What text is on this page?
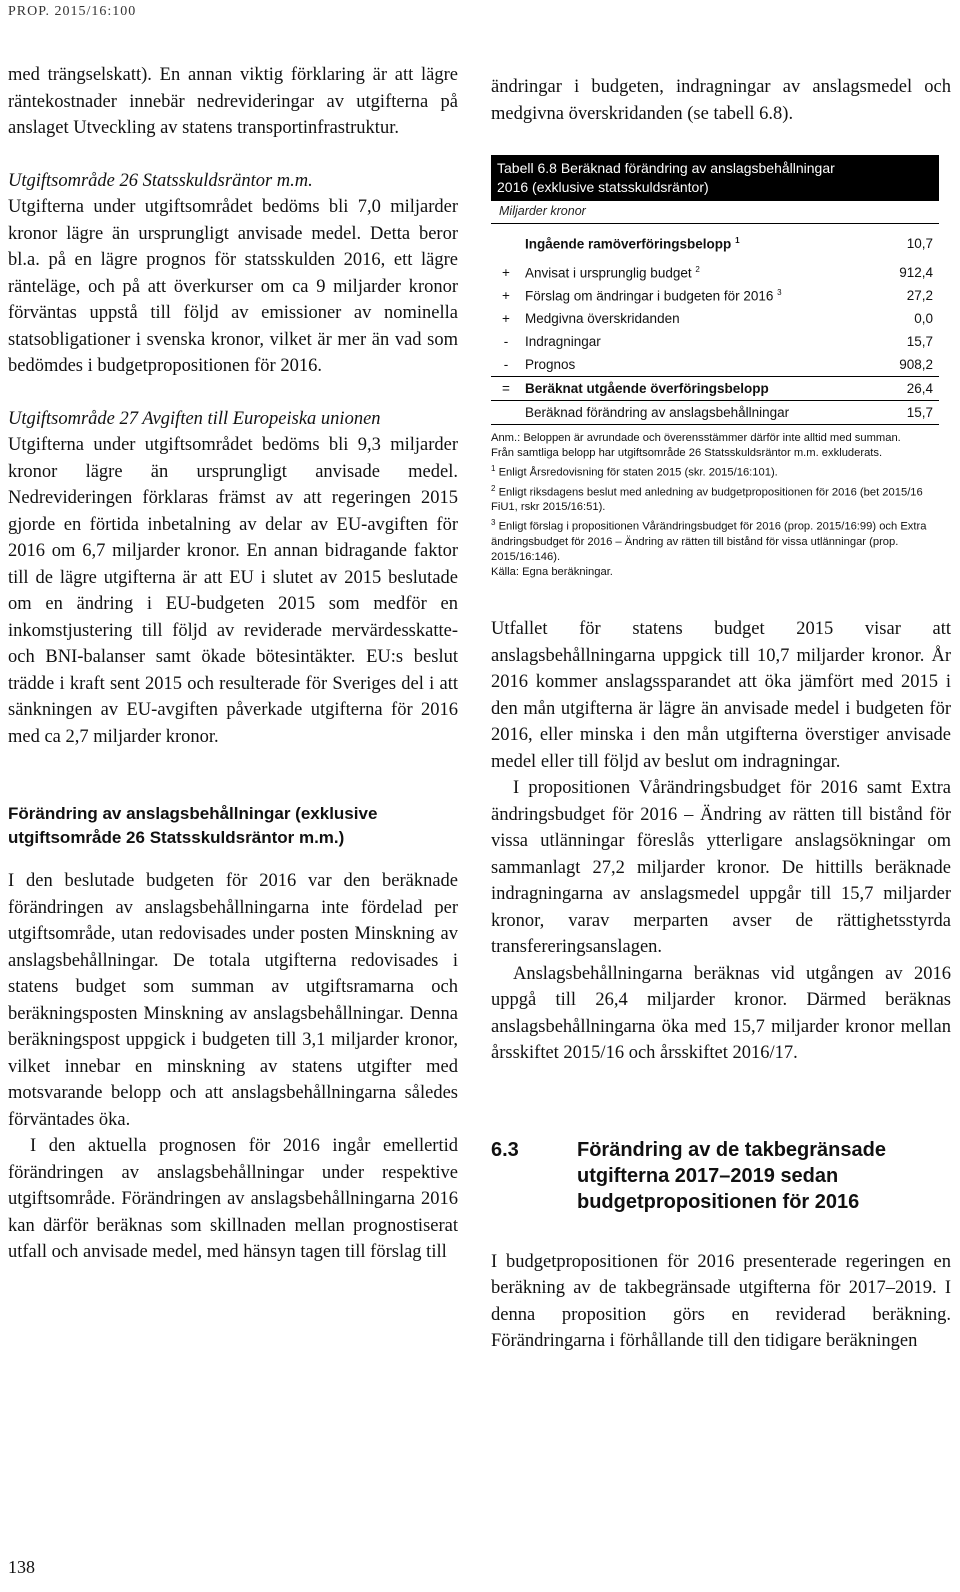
PROP. 2015/16:100

med trängselskatt). En annan viktig förklaring är att lägre räntekostnader innebär nedrevideringar av utgifterna på anslaget Utveckling av statens transportinfrastruktur.

Utgiftsområde 26 Statsskuldsräntor m.m.
Utgifterna under utgiftsområdet bedöms bli 7,0 miljarder kronor lägre än ursprungligt anvisade medel. Detta beror bl.a. på en lägre prognos för statsskulden 2016, ett lägre ränteläge, och på att överkurser om ca 9 miljarder kronor förväntas uppstå till följd av emissioner av nominella statsobligationer i svenska kronor, vilket är mer än vad som bedömdes i budgetpropositionen för 2016.

Utgiftsområde 27 Avgiften till Europeiska unionen
Utgifterna under utgiftsområdet bedöms bli 9,3 miljarder kronor lägre än ursprungligt anvisade medel. Nedrevideringen förklaras främst av att regeringen 2015 gjorde en förtida inbetalning av delar av EU-avgiften för 2016 om 6,7 miljarder kronor. En annan bidragande faktor till de lägre utgifterna är att EU i slutet av 2015 beslutade om en ändring i EU-budgeten 2015 som medför en inkomstjustering till följd av reviderade mervärdesskatte- och BNI-balanser samt ökade bötesintäkter. EU:s beslut trädde i kraft sent 2015 och resulterade för Sveriges del i att sänkningen av EU-avgiften påverkade utgifterna för 2016 med ca 2,7 miljarder kronor.

Förändring av anslagsbehållningar (exklusive utgiftsområde 26 Statsskuldsräntor m.m.)

I den beslutade budgeten för 2016 var den beräknade förändringen av anslagsbehållningarna inte fördelad per utgiftsområde, utan redovisades under posten Minskning av anslagsbehållningar. De totala utgifterna redovisades i statens budget som summan av utgiftsramarna och beräkningsposten Minskning av anslagsbehållningar. Denna beräkningspost uppgick i budgeten till 3,1 miljarder kronor, vilket innebar en minskning av statens utgifter med motsvarande belopp och att anslagsbehållningarna således förväntades öka.

I den aktuella prognosen för 2016 ingår emellertid förändringen av anslagsbehållningar under respektive utgiftsområde. Förändringen av anslagsbehållningarna 2016 kan därför beräknas som skillnaden mellan prognostiserat utfall och anvisade medel, med hänsyn tagen till förslag till

ändringar i budgeten, indragningar av anslagsmedel och medgivna överskridanden (se tabell 6.8).

Tabell 6.8 Beräknad förändring av anslagsbehållningar
2016 (exklusive statsskuldsräntor)
Miljarder kronor
	Ingående ramöverföringsbelopp $^1$	10,7
+	Anvisat i ursprunglig budget $^2$	912,4
+	Förslag om ändringar i budgeten för 2016 $^3$	27,2
+	Medgivna överskridanden	0,0
-	Indragningar	15,7
-	Prognos	908,2
=	Beräknat utgående överföringsbelopp	26,4
	Beräknad förändring av anslagsbehållningar	15,7

Anm.: Beloppen är avrundade och överensstämmer därför inte alltid med summan.

Från samtliga belopp har utgiftsområde 26 Statsskuldsräntor m.m. exkluderats.

$^1$ Enligt Årsredovisning för staten 2015 (skr. 2015/16:101).

$^2$ Enligt riksdagens beslut med anledning av budgetpropositionen för 2016 (bet 2015/16 FiU1, rskr 2015/16:51).

$^3$ Enligt förslag i propositionen Vårändringsbudget för 2016 (prop. 2015/16:99) och Extra ändringsbudget för 2016 – Ändring av rätten till bistånd för vissa utlänningar (prop. 2015/16:146).

Källa: Egna beräkningar.

Utfallet för statens budget 2015 visar att anslagsbehållningarna uppgick till 10,7 miljarder kronor. År 2016 kommer anslagssparandet att öka jämfört med 2015 i den mån utgifterna är lägre än anvisade medel i budgeten för 2016, eller minska i den mån utgifterna överstiger anvisade medel eller till följd av beslut om indragningar.

I propositionen Vårändringsbudget för 2016 samt Extra ändringsbudget för 2016 – Ändring av rätten till bistånd för vissa utlänningar föreslås ytterligare anslagsökningar om sammanlagt 27,2 miljarder kronor. De hittills beräknade indragningarna av anslagsmedel uppgår till 15,7 miljarder kronor, varav merparten avser de rättighetsstyrda transfereringsanslagen.

Anslagsbehållningarna beräknas vid utgången av 2016 uppgå till 26,4 miljarder kronor. Därmed beräknas anslagsbehållningarna öka med 15,7 miljarder kronor mellan årsskiftet 2015/16 och årsskiftet 2016/17.

6.3	Förändring av de takbegränsade utgifterna 2017–2019 sedan budgetpropositionen för 2016

I budgetpropositionen för 2016 presenterade regeringen en beräkning av de takbegränsade utgifterna för 2017–2019. I denna proposition görs en reviderad beräkning. Förändringarna i förhållande till den tidigare beräkningen

138
